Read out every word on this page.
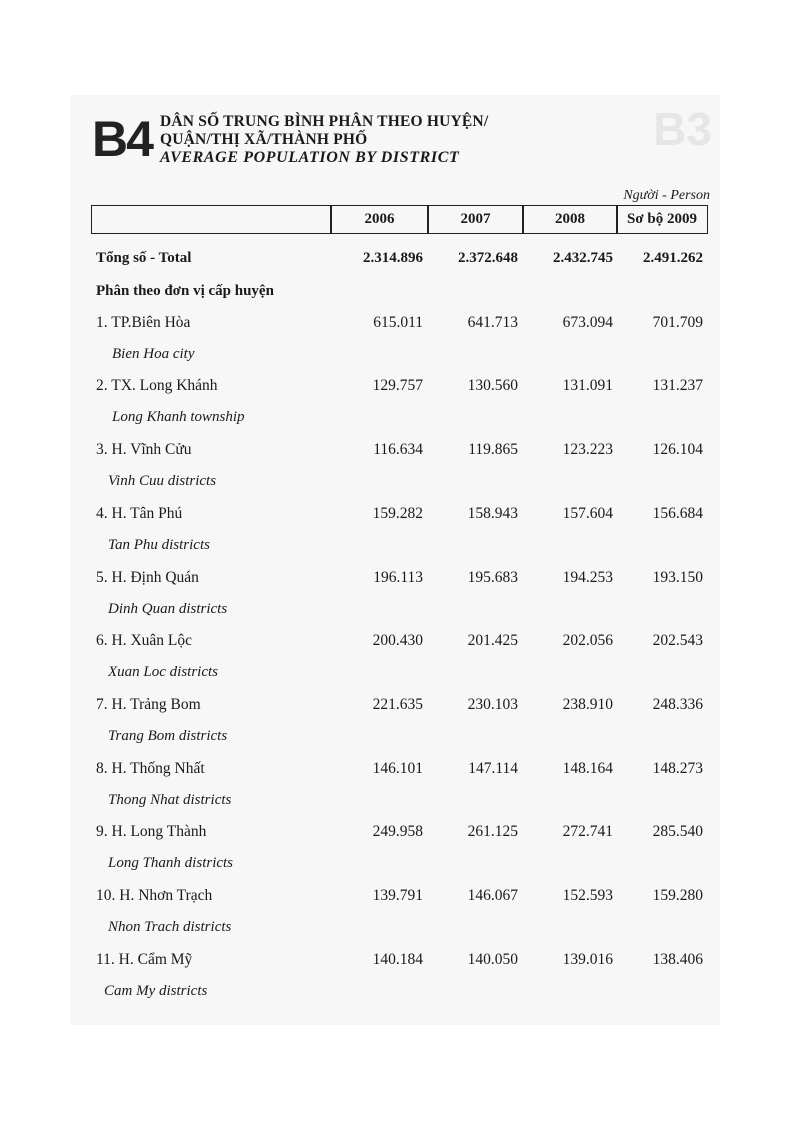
B3
B4 DÂN SỐ TRUNG BÌNH PHÂN THEO HUYỆN/
QUẬN/THỊ XÃ/THÀNH PHỐ
AVERAGE POPULATION BY DISTRICT
Người - Person
2006	2007	2008	Sơ bộ 2009
Tổng số - Total	2.314.896	2.372.648	2.432.745	2.491.262
Phân theo đơn vị cấp huyện
1. TP.Biên Hòa
Bien Hoa city
615.011	641.713	673.094	701.709
2. TX. Long Khánh
Long Khanh township
129.757	130.560	131.091	131.237
3. H. Vĩnh Cửu
Vinh Cuu districts
116.634	119.865	123.223	126.104
4. H. Tân Phú
Tan Phu districts
159.282	158.943	157.604	156.684
5. H. Định Quán
Dinh Quan districts
196.113	195.683	194.253	193.150
6. H. Xuân Lộc
Xuan Loc districts
200.430	201.425	202.056	202.543
7. H. Trảng Bom
Trang Bom districts
221.635	230.103	238.910	248.336
8. H. Thống Nhất
Thong Nhat districts
146.101	147.114	148.164	148.273
9. H. Long Thành
Long Thanh districts
249.958	261.125	272.741	285.540
10. H. Nhơn Trạch
Nhon Trach districts
139.791	146.067	152.593	159.280
11. H. Cẩm Mỹ
Cam My districts
140.184	140.050	139.016	138.406
